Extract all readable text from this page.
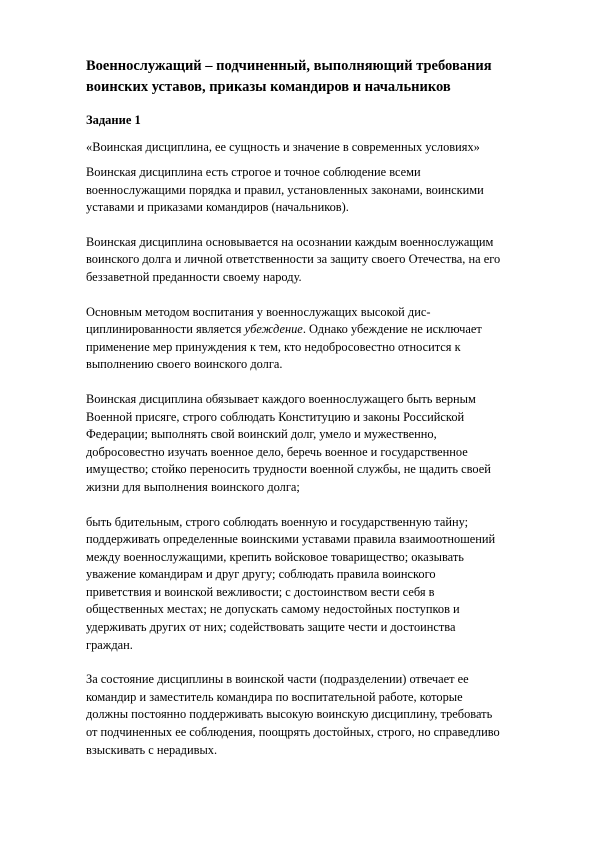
Военнослужащий – подчиненный, выполняющий требования
воинских уставов, приказы командиров и начальников
Задание 1
«Воинская дисциплина, ее сущность и значение в современных условиях»
Воинская дисциплина есть строгое и точное соблюдение всеми
военнослужащими порядка и правил, установленных законами, воинскими
уставами и приказами командиров (начальников).
Воинская дисциплина основывается на осознании каждым военнослужащим
воинского долга и личной ответственности за защиту своего Отечества, на его
беззаветной преданности своему народу.
Основным методом воспитания у военнослужащих высокой дис-
циплинированности является убеждение. Однако убеждение не исключает
применение мер принуждения к тем, кто недобросовестно относится к
выполнению своего воинского долга.
Воинская дисциплина обязывает каждого военнослужащего быть верным
Военной присяге, строго соблюдать Конституцию и законы Российской
Федерации; выполнять свой воинский долг, умело и мужественно,
добросовестно изучать военное дело, беречь военное и государственное
имущество; стойко переносить трудности военной службы, не щадить своей
жизни для выполнения воинского долга;
быть бдительным, строго соблюдать военную и государственную тайну;
поддерживать определенные воинскими уставами правила взаимоотношений
между военнослужащими, крепить войсковое товарищество; оказывать
уважение командирам и друг другу; соблюдать правила воинского
приветствия и воинской вежливости; с достоинством вести себя в
общественных местах; не допускать самому недостойных поступков и
удерживать других от них; содействовать защите чести и достоинства
граждан.
За состояние дисциплины в воинской части (подразделении) отвечает ее
командир и заместитель командира по воспитательной работе, которые
должны постоянно поддерживать высокую воинскую дисциплину, требовать
от подчиненных ее соблюдения, поощрять достойных, строго, но справедливо
взыскивать с нерадивых.
